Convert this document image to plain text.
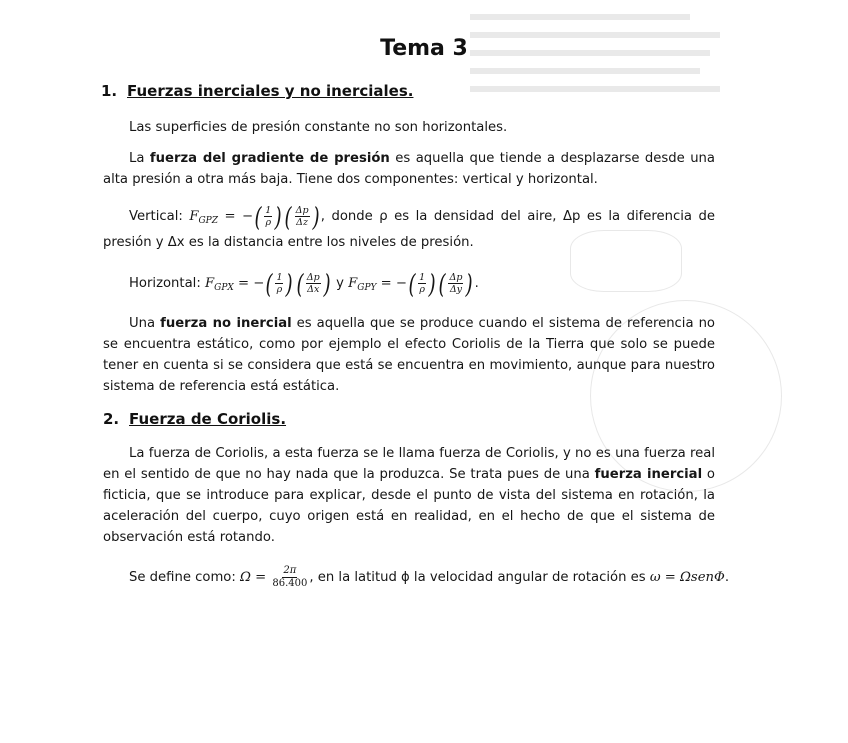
Tema 3
1. Fuerzas inerciales y no inerciales.
Las superficies de presión constante no son horizontales.
La fuerza del gradiente de presión es aquella que tiende a desplazarse desde una alta presión a otra más baja. Tiene dos componentes: vertical y horizontal.
Vertical: $F_{GPZ}$ = −( $\frac{1}{\rho}$ ) ( $\frac{\Delta p}{\Delta z}$ ) , donde ρ es la densidad del aire, Δp es la diferencia de presión y Δx es la distancia entre los niveles de presión.
Horizontal: $F_{GPX}$ = −( $\frac{1}{\rho}$ ) ( $\frac{\Delta p}{\Delta x}$ ) y $F_{GPY}$ = −( $\frac{1}{\rho}$ ) ( $\frac{\Delta p}{\Delta y}$ ) .
Una fuerza no inercial es aquella que se produce cuando el sistema de referencia no se encuentra estático, como por ejemplo el efecto Coriolis de la Tierra que solo se puede tener en cuenta si se considera que está se encuentra en movimiento, aunque para nuestro sistema de referencia está estática.
2. Fuerza de Coriolis.
La fuerza de Coriolis, a esta fuerza se le llama fuerza de Coriolis, y no es una fuerza real en el sentido de que no hay nada que la produzca. Se trata pues de una fuerza inercial o ficticia, que se introduce para explicar, desde el punto de vista del sistema en rotación, la aceleración del cuerpo, cuyo origen está en realidad, en el hecho de que el sistema de observación está rotando.
Se define como: $\Omega = \frac{2\pi}{86.400}$ , en la latitud ϕ la velocidad angular de rotación es ω = ΩsenΦ.
